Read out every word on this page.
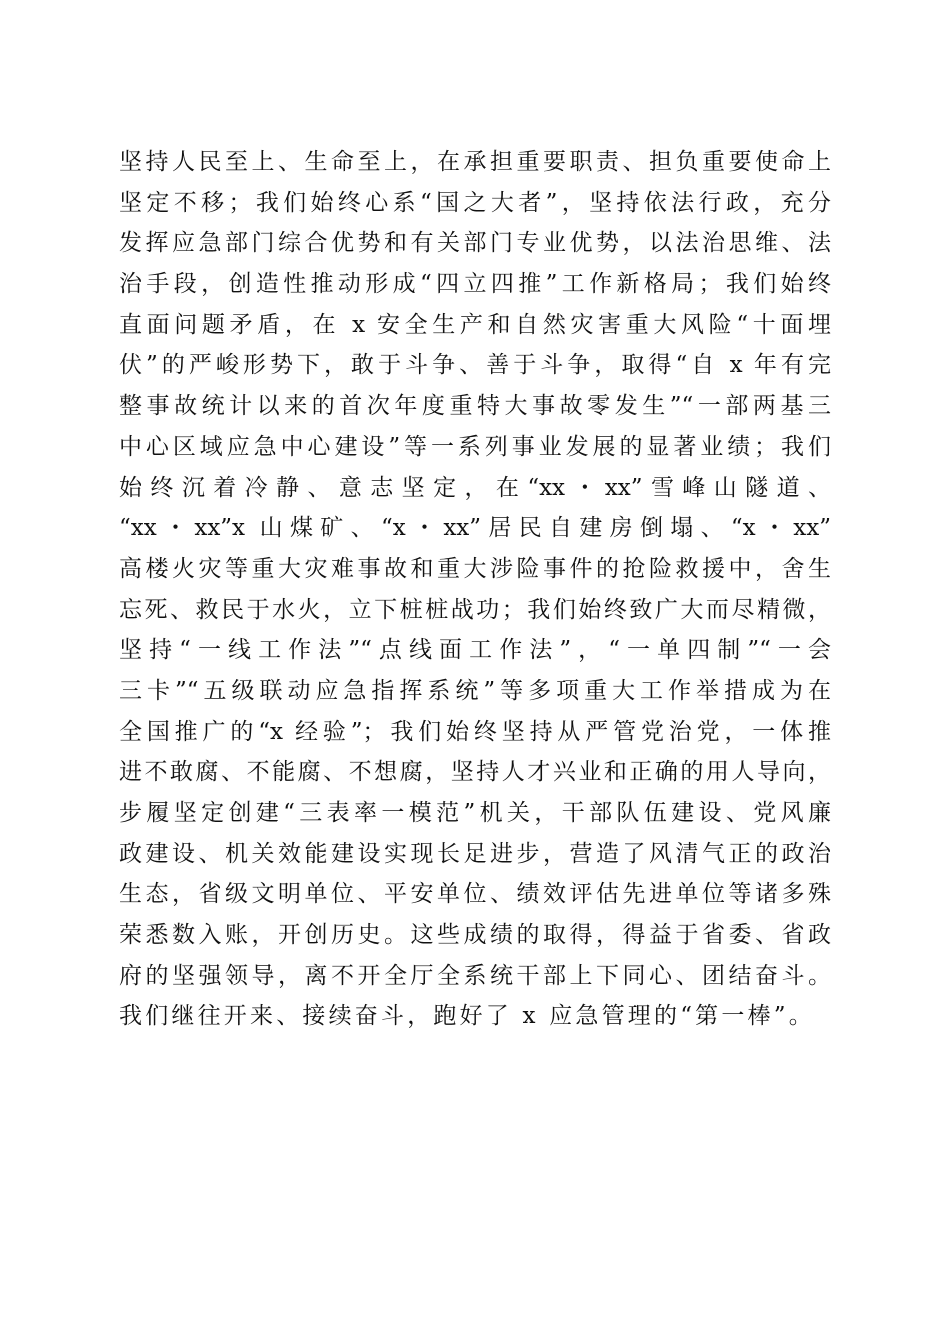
坚持人民至上、生命至上，在承担重要职责、担负重要使命上
坚定不移；我们始终心系“国之大者”，坚持依法行政，充分
发挥应急部门综合优势和有关部门专业优势，以法治思维、法
治手段，创造性推动形成“四立四推”工作新格局；我们始终
直面问题矛盾，在 x 安全生产和自然灾害重大风险“十面埋
伏”的严峻形势下，敢于斗争、善于斗争，取得“自 x 年有完
整事故统计以来的首次年度重特大事故零发生”“一部两基三
中心区域应急中心建设”等一系列事业发展的显著业绩；我们
始终沉着冷静、意志坚定，在“xx・xx”雪峰山隧道、
“xx・xx”x 山煤矿、“x・xx”居民自建房倒塌、“x・xx”
高楼火灾等重大灾难事故和重大涉险事件的抢险救援中，舍生
忘死、救民于水火，立下桩桩战功；我们始终致广大而尽精微，
坚持“一线工作法”“点线面工作法”，“一单四制”“一会
三卡”“五级联动应急指挥系统”等多项重大工作举措成为在
全国推广的“x 经验”；我们始终坚持从严管党治党，一体推
进不敢腐、不能腐、不想腐，坚持人才兴业和正确的用人导向，
步履坚定创建“三表率一模范”机关，干部队伍建设、党风廉
政建设、机关效能建设实现长足进步，营造了风清气正的政治
生态，省级文明单位、平安单位、绩效评估先进单位等诸多殊
荣悉数入账，开创历史。这些成绩的取得，得益于省委、省政
府的坚强领导，离不开全厅全系统干部上下同心、团结奋斗。
我们继往开来、接续奋斗，跑好了 x 应急管理的“第一棒”。
